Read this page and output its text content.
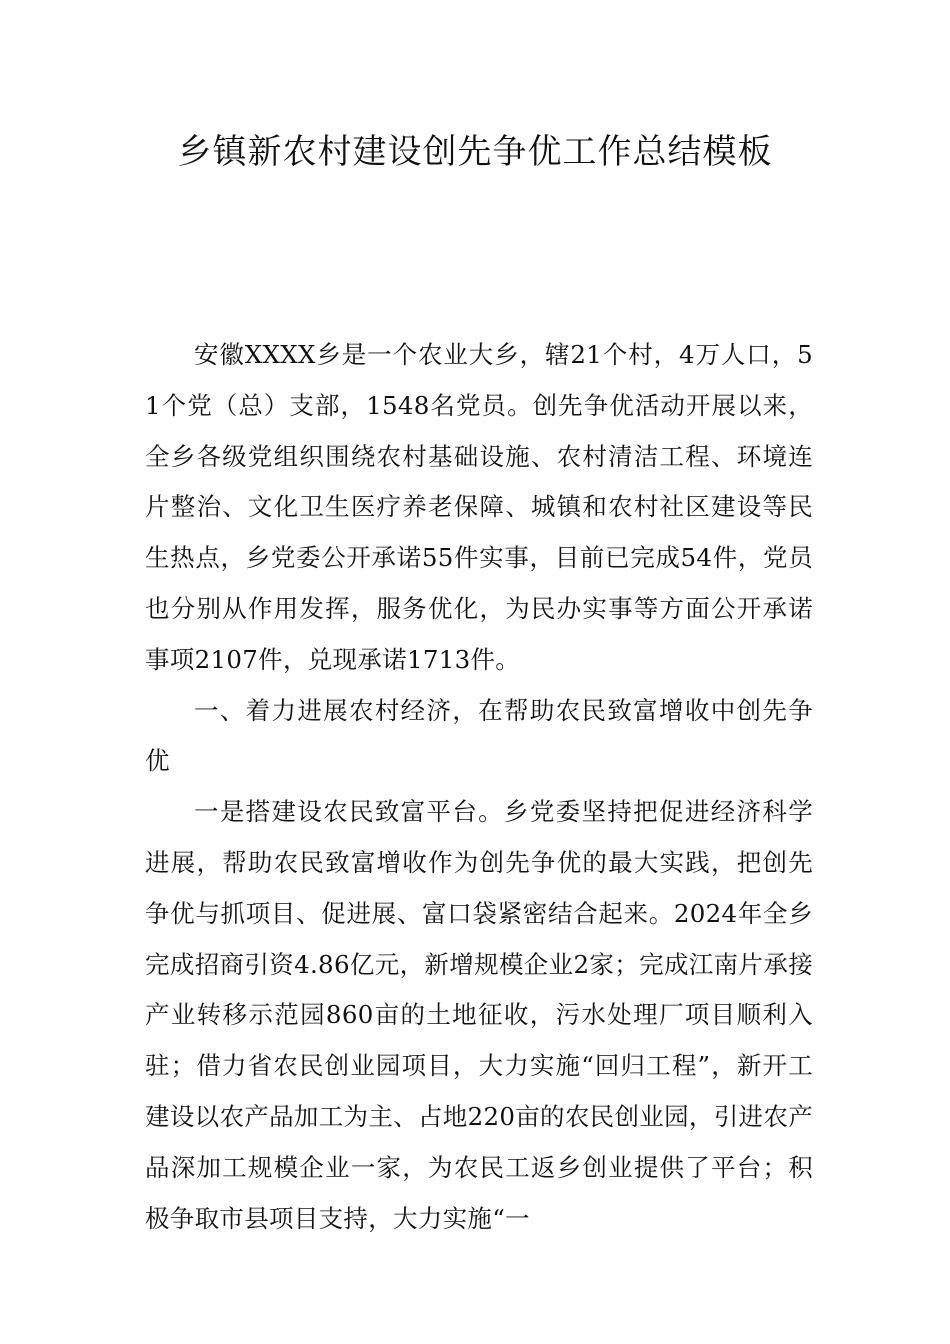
乡镇新农村建设创先争优工作总结模板

安徽XXXX乡是一个农业大乡，辖21个村，4万人口，51个党（总）支部，1548名党员。创先争优活动开展以来，全乡各级党组织围绕农村基础设施、农村清洁工程、环境连片整治、文化卫生医疗养老保障、城镇和农村社区建设等民生热点，乡党委公开承诺55件实事，目前已完成54件，党员也分别从作用发挥，服务优化，为民办实事等方面公开承诺事项2107件，兑现承诺1713件。

一、着力进展农村经济，在帮助农民致富增收中创先争优

一是搭建设农民致富平台。乡党委坚持把促进经济科学进展，帮助农民致富增收作为创先争优的最大实践，把创先争优与抓项目、促进展、富口袋紧密结合起来。2024年全乡完成招商引资4.86亿元，新增规模企业2家；完成江南片承接产业转移示范园860亩的土地征收，污水处理厂项目顺利入驻；借力省农民创业园项目，大力实施“回归工程”，新开工建设以农产品加工为主、占地220亩的农民创业园，引进农产品深加工规模企业一家，为农民工返乡创业提供了平台；积极争取市县项目支持，大力实施“一
